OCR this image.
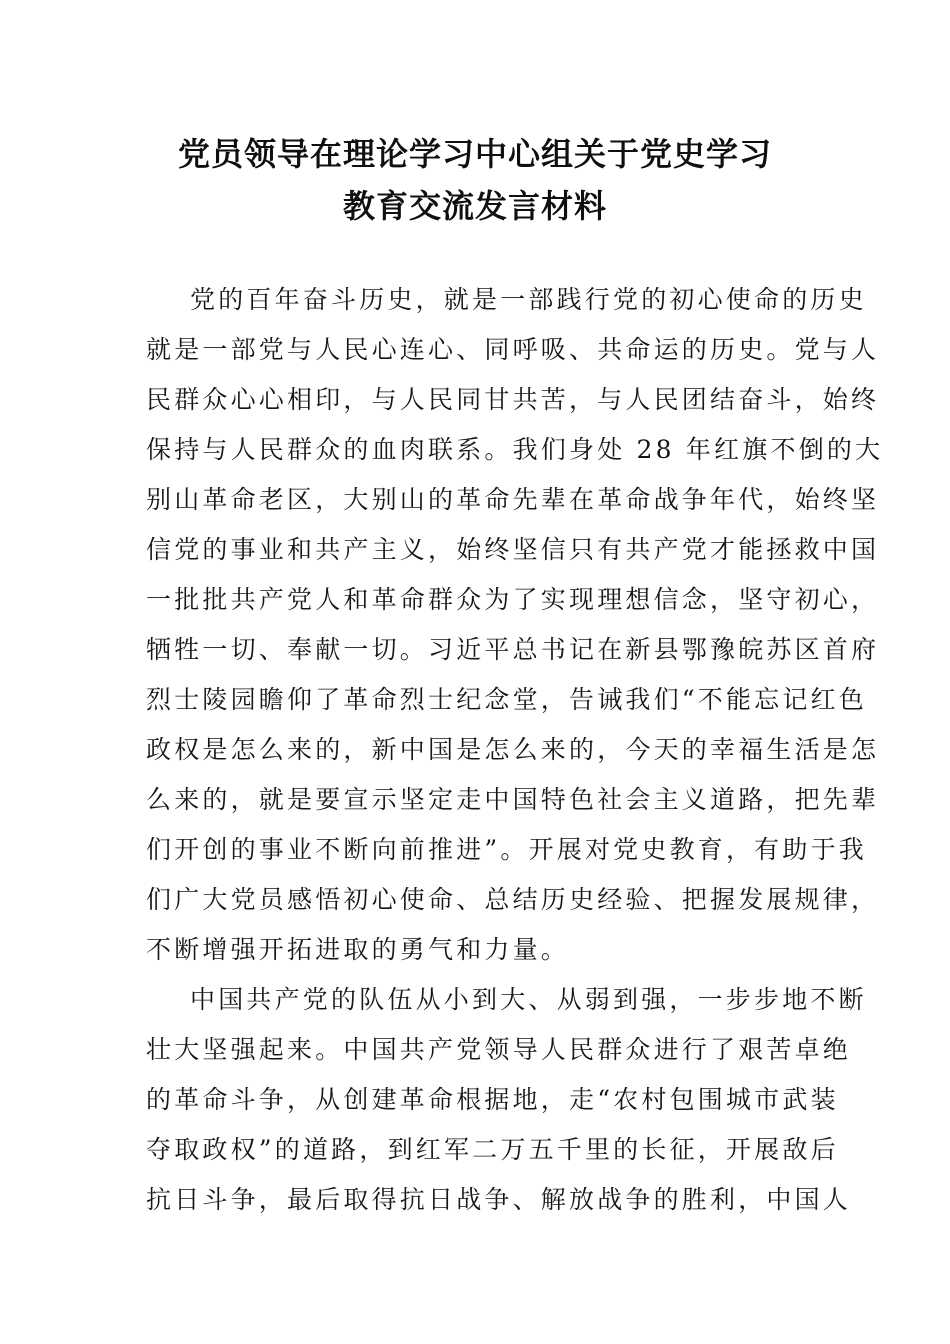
党员领导在理论学习中心组关于党史学习
教育交流发言材料
党的百年奋斗历史，就是一部践行党的初心使命的历史
就是一部党与人民心连心、同呼吸、共命运的历史。党与人
民群众心心相印，与人民同甘共苦，与人民团结奋斗，始终
保持与人民群众的血肉联系。我们身处 28 年红旗不倒的大
别山革命老区，大别山的革命先辈在革命战争年代，始终坚
信党的事业和共产主义，始终坚信只有共产党才能拯救中国
一批批共产党人和革命群众为了实现理想信念，坚守初心，
牺牲一切、奉献一切。习近平总书记在新县鄂豫皖苏区首府
烈士陵园瞻仰了革命烈士纪念堂，告诫我们“不能忘记红色
政权是怎么来的，新中国是怎么来的，今天的幸福生活是怎
么来的，就是要宣示坚定走中国特色社会主义道路，把先辈
们开创的事业不断向前推进”。开展对党史教育，有助于我
们广大党员感悟初心使命、总结历史经验、把握发展规律，
不断增强开拓进取的勇气和力量。
中国共产党的队伍从小到大、从弱到强，一步步地不断
壮大坚强起来。中国共产党领导人民群众进行了艰苦卓绝
的革命斗争，从创建革命根据地，走“农村包围城市武装
夺取政权”的道路，到红军二万五千里的长征，开展敌后
抗日斗争，最后取得抗日战争、解放战争的胜利，中国人
